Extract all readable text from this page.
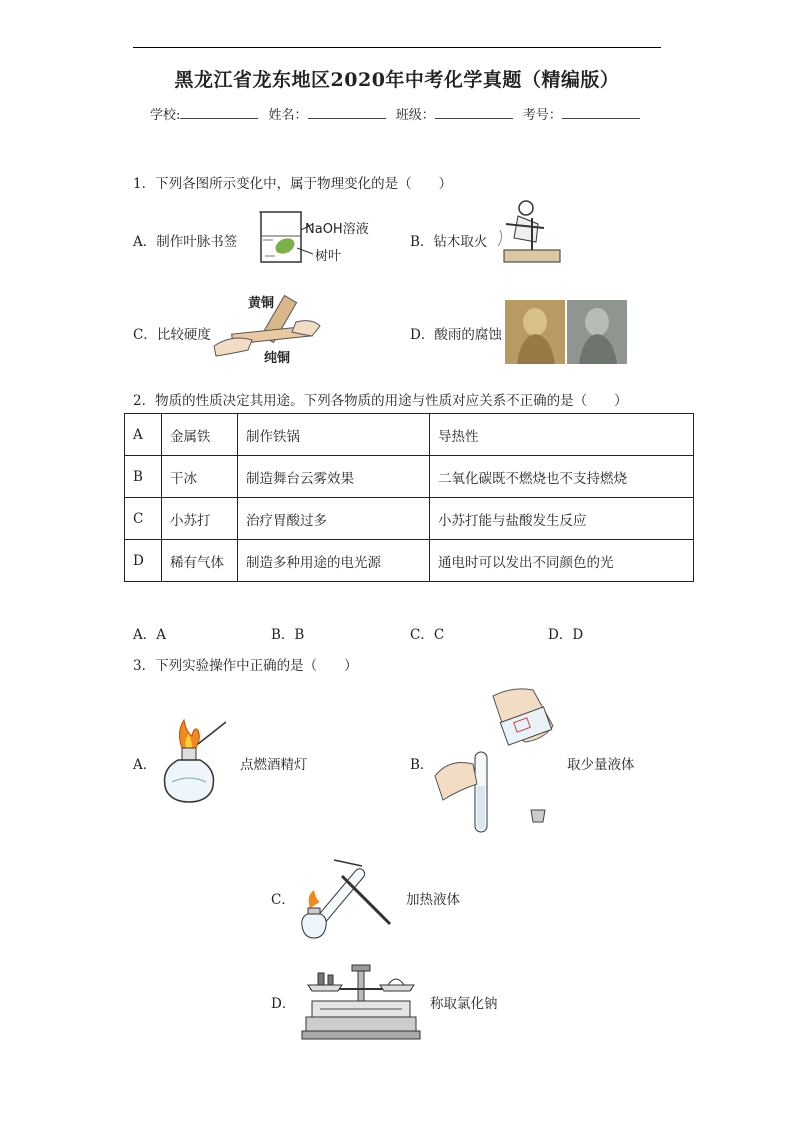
黑龙江省龙东地区2020年中考化学真题（精编版）
学校:	姓名：	班级：	考号：
1．下列各图所示变化中，属于物理变化的是（　　）
A．制作叶脉书签
NaOH溶液
树叶
B．钻木取火
C．比较硬度
黄铜
纯铜
D．酸雨的腐蚀
2．物质的性质决定其用途。下列各物质的用途与性质对应关系不正确的是（　　）
A	金属铁	制作铁锅	导热性
B	干冰	制造舞台云雾效果	二氧化碳既不燃烧也不支持燃烧
C	小苏打	治疗胃酸过多	小苏打能与盐酸发生反应
D	稀有气体	制造多种用途的电光源	通电时可以发出不同颜色的光
A．A	B．B	C．C	D．D
3．下列实验操作中正确的是（　　）
A．	点燃酒精灯	B．	取少量液体
C．	加热液体
D．	称取氯化钠
